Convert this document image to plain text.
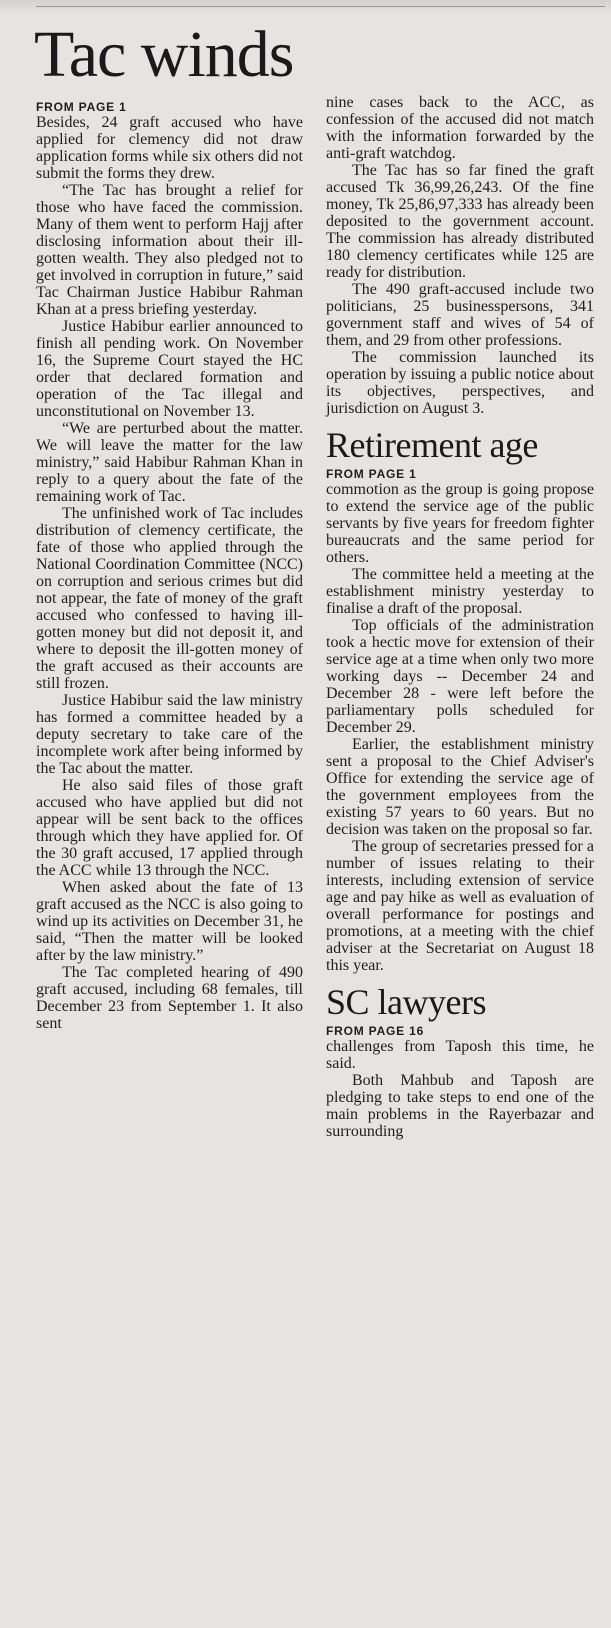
Tac winds
FROM PAGE 1

Besides, 24 graft accused who have applied for clemency did not draw application forms while six others did not submit the forms they drew.

“The Tac has brought a relief for those who have faced the commission. Many of them went to perform Hajj after disclosing information about their ill-gotten wealth. They also pledged not to get involved in corruption in future,” said Tac Chairman Justice Habibur Rahman Khan at a press briefing yesterday.

Justice Habibur earlier announced to finish all pending work. On November 16, the Supreme Court stayed the HC order that declared formation and operation of the Tac illegal and unconstitutional on November 13.

“We are perturbed about the matter. We will leave the matter for the law ministry,” said Habibur Rahman Khan in reply to a query about the fate of the remaining work of Tac.

The unfinished work of Tac includes distribution of clemency certificate, the fate of those who applied through the National Coordination Committee (NCC) on corruption and serious crimes but did not appear, the fate of money of the graft accused who confessed to having ill-gotten money but did not deposit it, and where to deposit the ill-gotten money of the graft accused as their accounts are still frozen.

Justice Habibur said the law ministry has formed a committee headed by a deputy secretary to take care of the incomplete work after being informed by the Tac about the matter.

He also said files of those graft accused who have applied but did not appear will be sent back to the offices through which they have applied for. Of the 30 graft accused, 17 applied through the ACC while 13 through the NCC.

When asked about the fate of 13 graft accused as the NCC is also going to wind up its activities on December 31, he said, “Then the matter will be looked after by the law ministry.”

The Tac completed hearing of 490 graft accused, including 68 females, till December 23 from September 1. It also sent

nine cases back to the ACC, as confession of the accused did not match with the information forwarded by the anti-graft watchdog.

The Tac has so far fined the graft accused Tk 36,99,26,243. Of the fine money, Tk 25,86,97,333 has already been deposited to the government account. The commission has already distributed 180 clemency certificates while 125 are ready for distribution.

The 490 graft-accused include two politicians, 25 businesspersons, 341 government staff and wives of 54 of them, and 29 from other professions.

The commission launched its operation by issuing a public notice about its objectives, perspectives, and jurisdiction on August 3.

Retirement age
FROM PAGE 1

commotion as the group is going propose to extend the service age of the public servants by five years for freedom fighter bureaucrats and the same period for others.

The committee held a meeting at the establishment ministry yesterday to finalise a draft of the proposal.

Top officials of the administration took a hectic move for extension of their service age at a time when only two more working days -- December 24 and December 28 - were left before the parliamentary polls scheduled for December 29.

Earlier, the establishment ministry sent a proposal to the Chief Adviser's Office for extending the service age of the government employees from the existing 57 years to 60 years. But no decision was taken on the proposal so far.

The group of secretaries pressed for a number of issues relating to their interests, including extension of service age and pay hike as well as evaluation of overall performance for postings and promotions, at a meeting with the chief adviser at the Secretariat on August 18 this year.

SC lawyers
FROM PAGE 16

challenges from Taposh this time, he said.

Both Mahbub and Taposh are pledging to take steps to end one of the main problems in the Rayerbazar and surrounding
